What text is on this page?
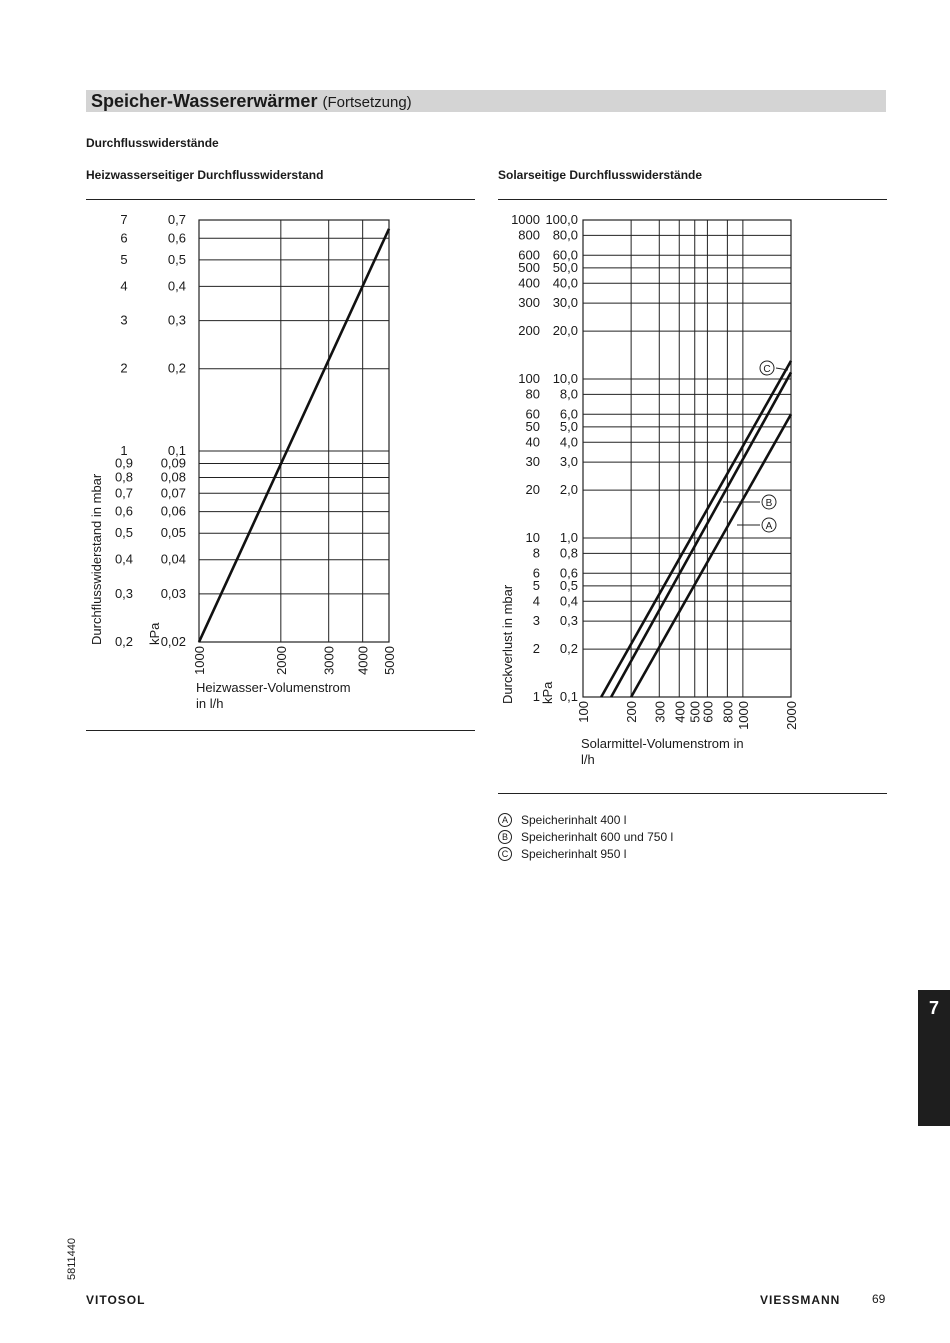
Speicher-Wassererwärmer (Fortsetzung)
Durchflusswiderstände
Heizwasserseitiger Durchflusswiderstand	Solarseitige Durchflusswiderstände
7	0,7
6	0,6
5	0,5
4	0,4
3	0,3
2	0,2
1	0,1
0,9 0,09
0,8 0,08
0,7 0,07
0,6 0,06
0,5 0,05
0,4 0,04
0,3 0,03
0,2 0,02
1000	2000	3000 4000 5000
Durchflusswiderstand in mbar	kPa
Heizwasser-Volumenstrom in l/h
1000 100,0
800 80,0
600 60,0
500 50,0
400 40,0
300 30,0
200 20,0
100 10,0
80 8,0
60 6,0
50 5,0
40 4,0
30 3,0
20 2,0
10 1,0
8 0,8
6 0,6
5 0,5
4 0,4
3 0,3
2 0,2
1 0,1
100	200 300 400 500
600 800 1000	2000
Durckverlust in mbar kPa
Solarmittel-Volumenstrom in l/h
C
B
A
A	Speicherinhalt 400 l
B	Speicherinhalt 600 und 750 l
C	Speicherinhalt 950 l
7
5811440
VITOSOL	VIESSMANN	69
